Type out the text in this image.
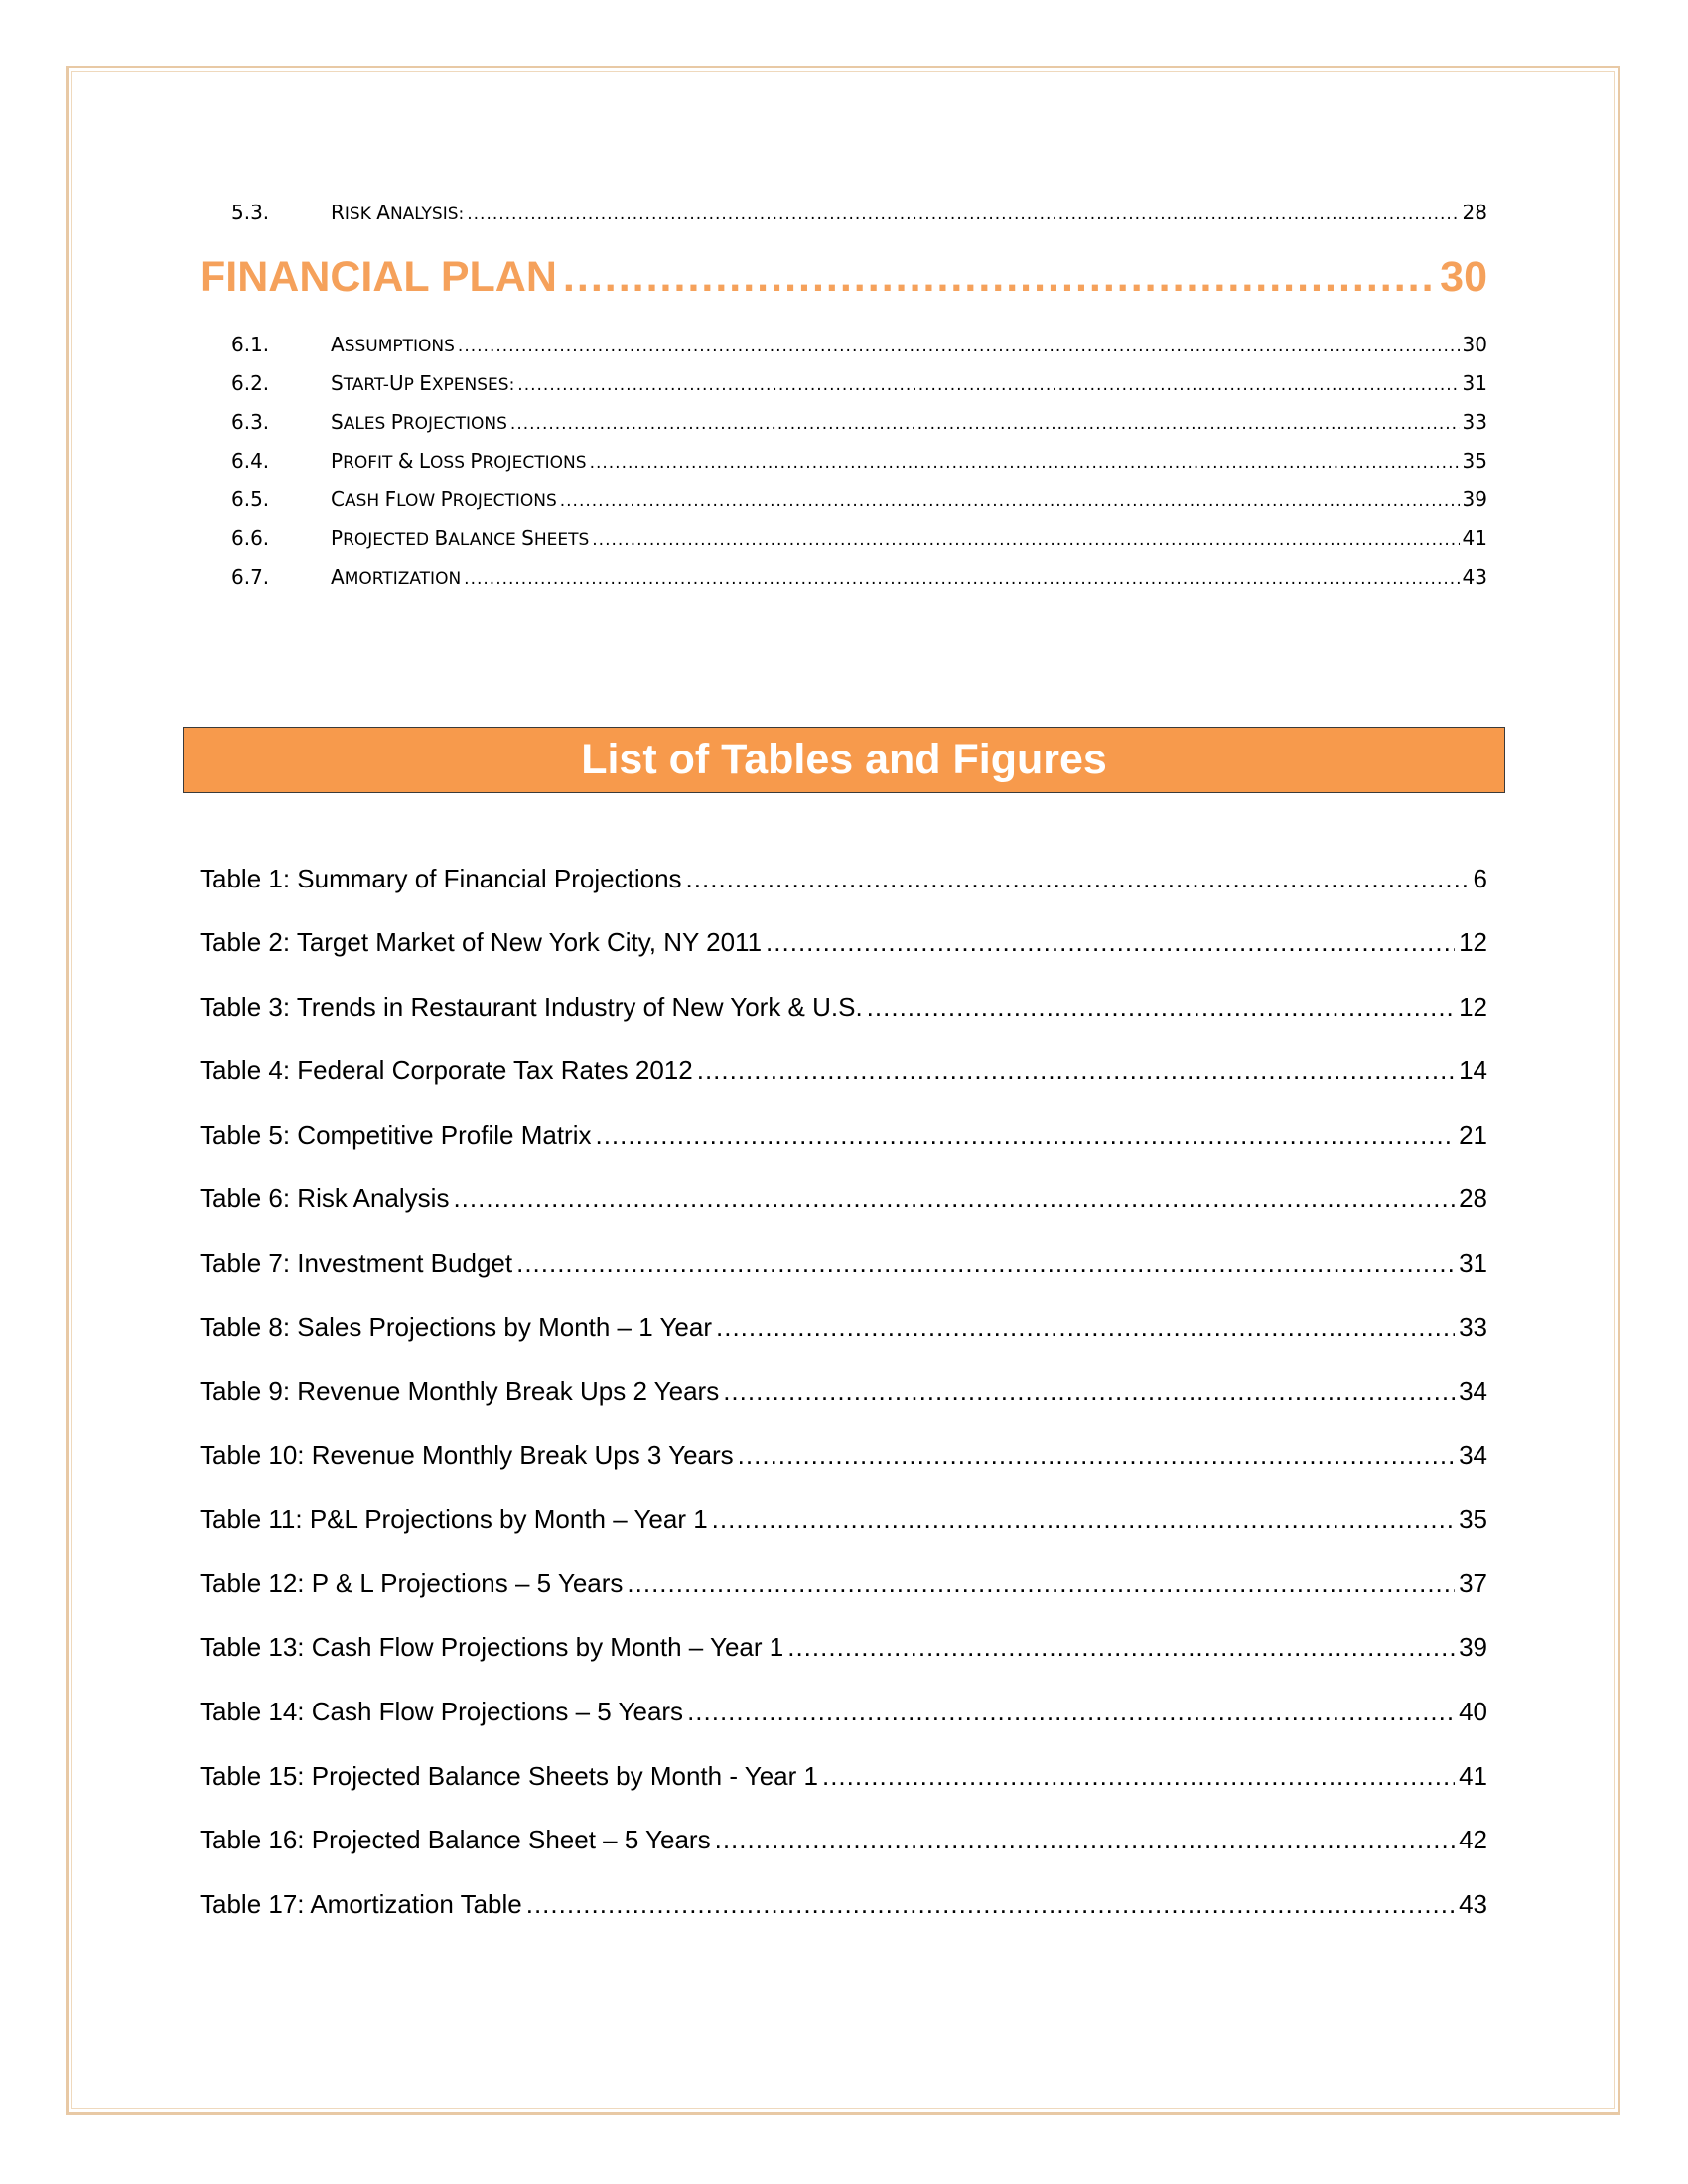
5.3.	RISK ANALYSIS: .....	28
FINANCIAL PLAN .....	30
6.1.	ASSUMPTIONS .....	30
6.2.	START-UP EXPENSES: .....	31
6.3.	SALES PROJECTIONS .....	33
6.4.	PROFIT & LOSS PROJECTIONS .....	35
6.5.	CASH FLOW PROJECTIONS .....	39
6.6.	PROJECTED BALANCE SHEETS .....	41
6.7.	AMORTIZATION .....	43
List of Tables and Figures
Table 1: Summary of Financial Projections .....	6
Table 2: Target Market of New York City, NY 2011 .....	12
Table 3: Trends in Restaurant Industry of New York & U.S. .....	12
Table 4: Federal Corporate Tax Rates 2012 .....	14
Table 5: Competitive Profile Matrix .....	21
Table 6: Risk Analysis .....	28
Table 7: Investment Budget .....	31
Table 8: Sales Projections by Month – 1 Year .....	33
Table 9: Revenue Monthly Break Ups 2 Years .....	34
Table 10: Revenue Monthly Break Ups 3 Years .....	34
Table 11: P&L Projections by Month – Year 1 .....	35
Table 12: P & L Projections – 5 Years .....	37
Table 13: Cash Flow Projections by Month – Year 1 .....	39
Table 14: Cash Flow Projections – 5 Years .....	40
Table 15: Projected Balance Sheets by Month - Year 1 .....	41
Table 16: Projected Balance Sheet – 5 Years .....	42
Table 17: Amortization Table .....	43
